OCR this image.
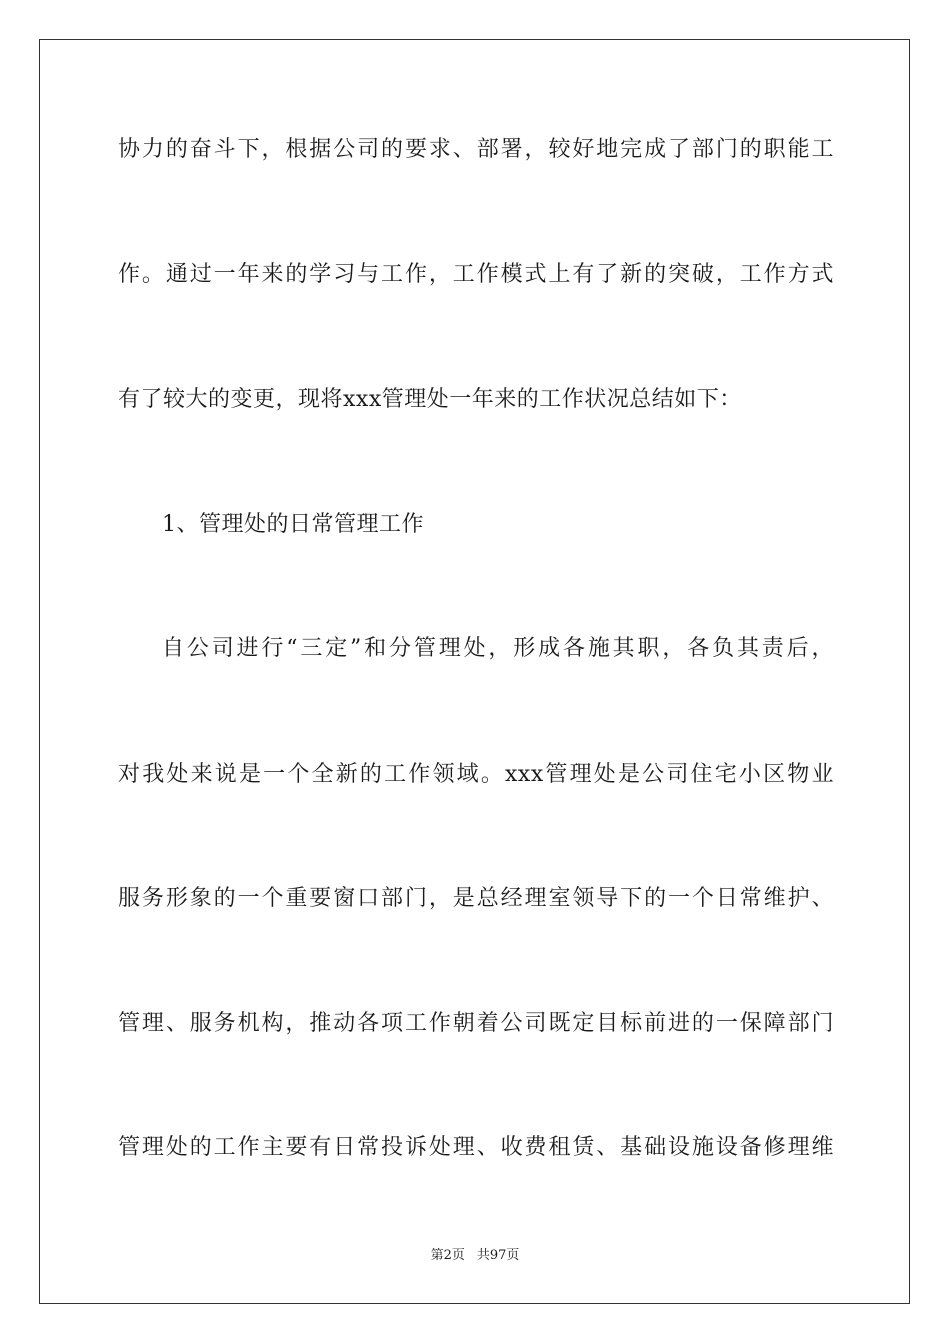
协力的奋斗下，根据公司的要求、部署，较好地完成了部门的职能工
作。通过一年来的学习与工作，工作模式上有了新的突破，工作方式
有了较大的变更，现将xxx管理处一年来的工作状况总结如下：
1、管理处的日常管理工作
自公司进行“三定”和分管理处，形成各施其职，各负其责后，
对我处来说是一个全新的工作领域。xxx管理处是公司住宅小区物业
服务形象的一个重要窗口部门，是总经理室领导下的一个日常维护、
管理、服务机构，推动各项工作朝着公司既定目标前进的一保障部门
管理处的工作主要有日常投诉处理、收费租赁、基础设施设备修理维
第2页 共97页
